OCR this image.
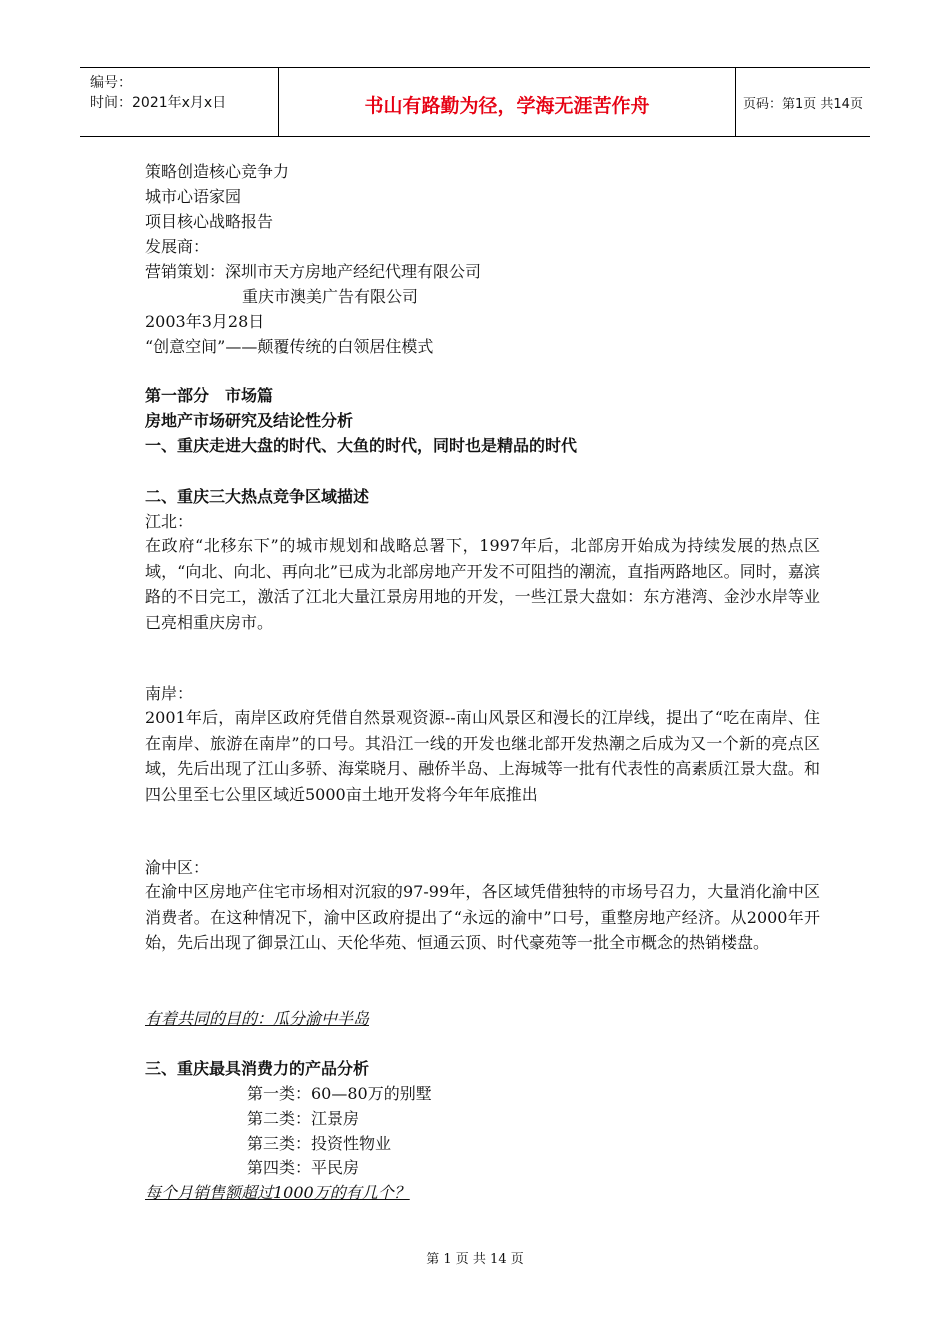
编号：
时间：2021年x月x日	书山有路勤为径，学海无涯苦作舟	页码：第1页 共14页
策略创造核心竞争力
城市心语家园
项目核心战略报告
发展商：
营销策划：深圳市天方房地产经纪代理有限公司
重庆市澳美广告有限公司
2003年3月28日
“创意空间”——颠覆传统的白领居住模式
第一部分　市场篇
房地产市场研究及结论性分析
一、重庆走进大盘的时代、大鱼的时代，同时也是精品的时代
二、重庆三大热点竞争区域描述
江北：
在政府“北移东下”的城市规划和战略总署下，1997年后，北部房开始成为持续发展的热点区域，“向北、向北、再向北”已成为北部房地产开发不可阻挡的潮流，直指两路地区。同时，嘉滨路的不日完工，激活了江北大量江景房用地的开发，一些江景大盘如：东方港湾、金沙水岸等业已亮相重庆房市。
南岸：
2001年后，南岸区政府凭借自然景观资源--南山风景区和漫长的江岸线，提出了“吃在南岸、住在南岸、旅游在南岸”的口号。其沿江一线的开发也继北部开发热潮之后成为又一个新的亮点区域，先后出现了江山多骄、海棠晓月、融侨半岛、上海城等一批有代表性的高素质江景大盘。和四公里至七公里区域近5000亩土地开发将今年年底推出
渝中区：
在渝中区房地产住宅市场相对沉寂的97-99年，各区域凭借独特的市场号召力，大量消化渝中区消费者。在这种情况下，渝中区政府提出了“永远的渝中”口号，重整房地产经济。从2000年开始，先后出现了御景江山、天伦华苑、恒通云顶、时代豪苑等一批全市概念的热销楼盘。
有着共同的目的：瓜分渝中半岛
三、重庆最具消费力的产品分析
第一类：60—80万的别墅
第二类：江景房
第三类：投资性物业
第四类：平民房
每个月销售额超过1000万的有几个？
第 1 页 共 14 页
